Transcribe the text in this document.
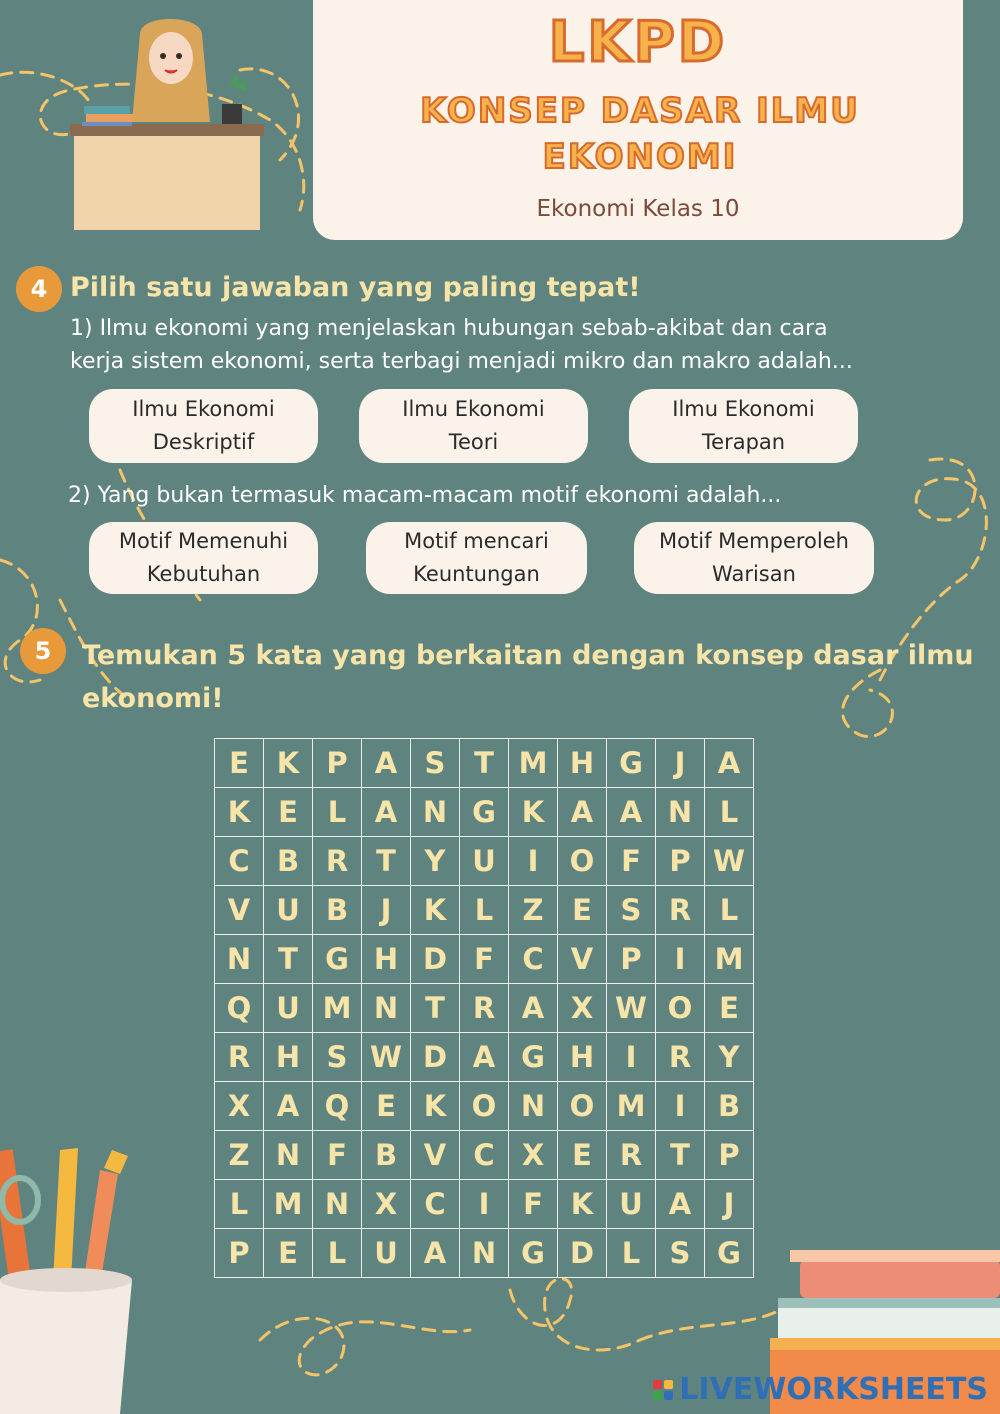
LKPD
KONSEP DASAR ILMU
EKONOMI
Ekonomi Kelas 10
4 Pilih satu jawaban yang paling tepat!
1) Ilmu ekonomi yang menjelaskan hubungan sebab-akibat dan cara
kerja sistem ekonomi, serta terbagi menjadi mikro dan makro adalah...
Ilmu Ekonomi
Deskriptif
Ilmu Ekonomi
Teori
Ilmu Ekonomi
Terapan
2) Yang bukan termasuk macam-macam motif ekonomi adalah...
Motif Memenuhi
Kebutuhan
Motif mencari
Keuntungan
Motif Memperoleh
Warisan
5	Temukan 5 kata yang berkaitan dengan konsep dasar ilmu
ekonomi!
E	K	P	A	S	T	M	H	G	J	A
K	E	L	A	N	G	K	A	A	N	L
C	B	R	T	Y	U	I	O	F	P	W
V	U	B	J	K	L	Z	E	S	R	L
N	T	G	H	D	F	C	V	P	I	M
Q	U	M	N	T	R	A	X	W	O	E
R	H	S	W	D	A	G	H	I	R	Y
X	A	Q	E	K	O	N	O	M	I	B
Z	N	F	B	V	C	X	E	R	T	P
L	M	N	X	C	I	F	K	U	A	J
P	E	L	U	A	N	G	D	L	S	G
LIVEWORKSHEETS
